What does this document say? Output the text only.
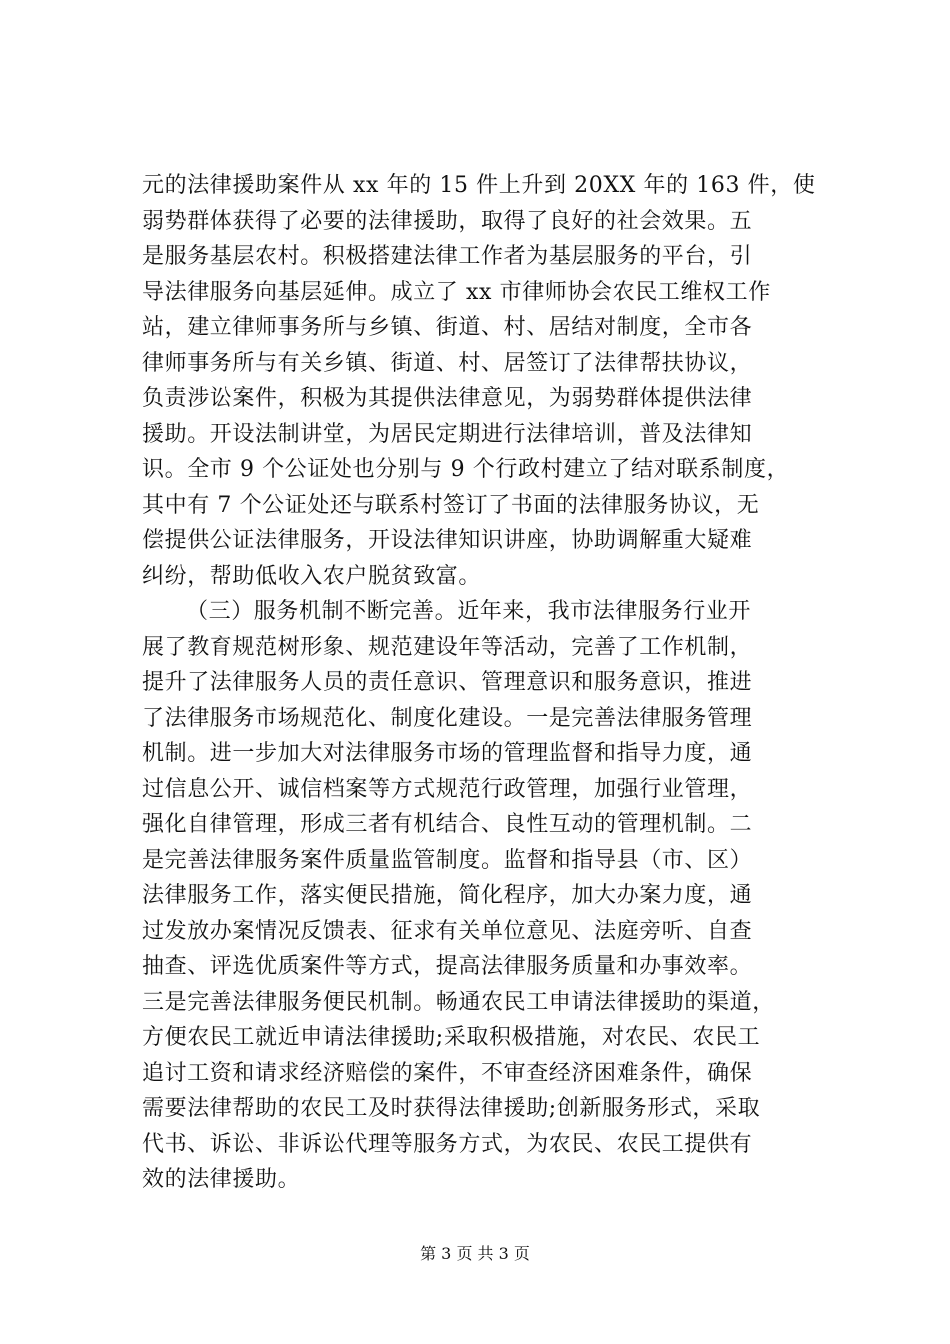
元的法律援助案件从 xx 年的 15 件上升到 20XX 年的 163 件，使
弱势群体获得了必要的法律援助，取得了良好的社会效果。五
是服务基层农村。积极搭建法律工作者为基层服务的平台，引
导法律服务向基层延伸。成立了 xx 市律师协会农民工维权工作
站，建立律师事务所与乡镇、街道、村、居结对制度，全市各
律师事务所与有关乡镇、街道、村、居签订了法律帮扶协议，
负责涉讼案件，积极为其提供法律意见，为弱势群体提供法律
援助。开设法制讲堂，为居民定期进行法律培训，普及法律知
识。全市 9 个公证处也分别与 9 个行政村建立了结对联系制度，
其中有 7 个公证处还与联系村签订了书面的法律服务协议，无
偿提供公证法律服务，开设法律知识讲座，协助调解重大疑难
纠纷，帮助低收入农户脱贫致富。
（三）服务机制不断完善。近年来，我市法律服务行业开
展了教育规范树形象、规范建设年等活动，完善了工作机制，
提升了法律服务人员的责任意识、管理意识和服务意识，推进
了法律服务市场规范化、制度化建设。一是完善法律服务管理
机制。进一步加大对法律服务市场的管理监督和指导力度，通
过信息公开、诚信档案等方式规范行政管理，加强行业管理，
强化自律管理，形成三者有机结合、良性互动的管理机制。二
是完善法律服务案件质量监管制度。监督和指导县（市、区）
法律服务工作，落实便民措施，简化程序，加大办案力度，通
过发放办案情况反馈表、征求有关单位意见、法庭旁听、自查
抽查、评选优质案件等方式，提高法律服务质量和办事效率。
三是完善法律服务便民机制。畅通农民工申请法律援助的渠道，
方便农民工就近申请法律援助;采取积极措施，对农民、农民工
追讨工资和请求经济赔偿的案件，不审查经济困难条件，确保
需要法律帮助的农民工及时获得法律援助;创新服务形式，采取
代书、诉讼、非诉讼代理等服务方式，为农民、农民工提供有
效的法律援助。
第 3 页 共 3 页
